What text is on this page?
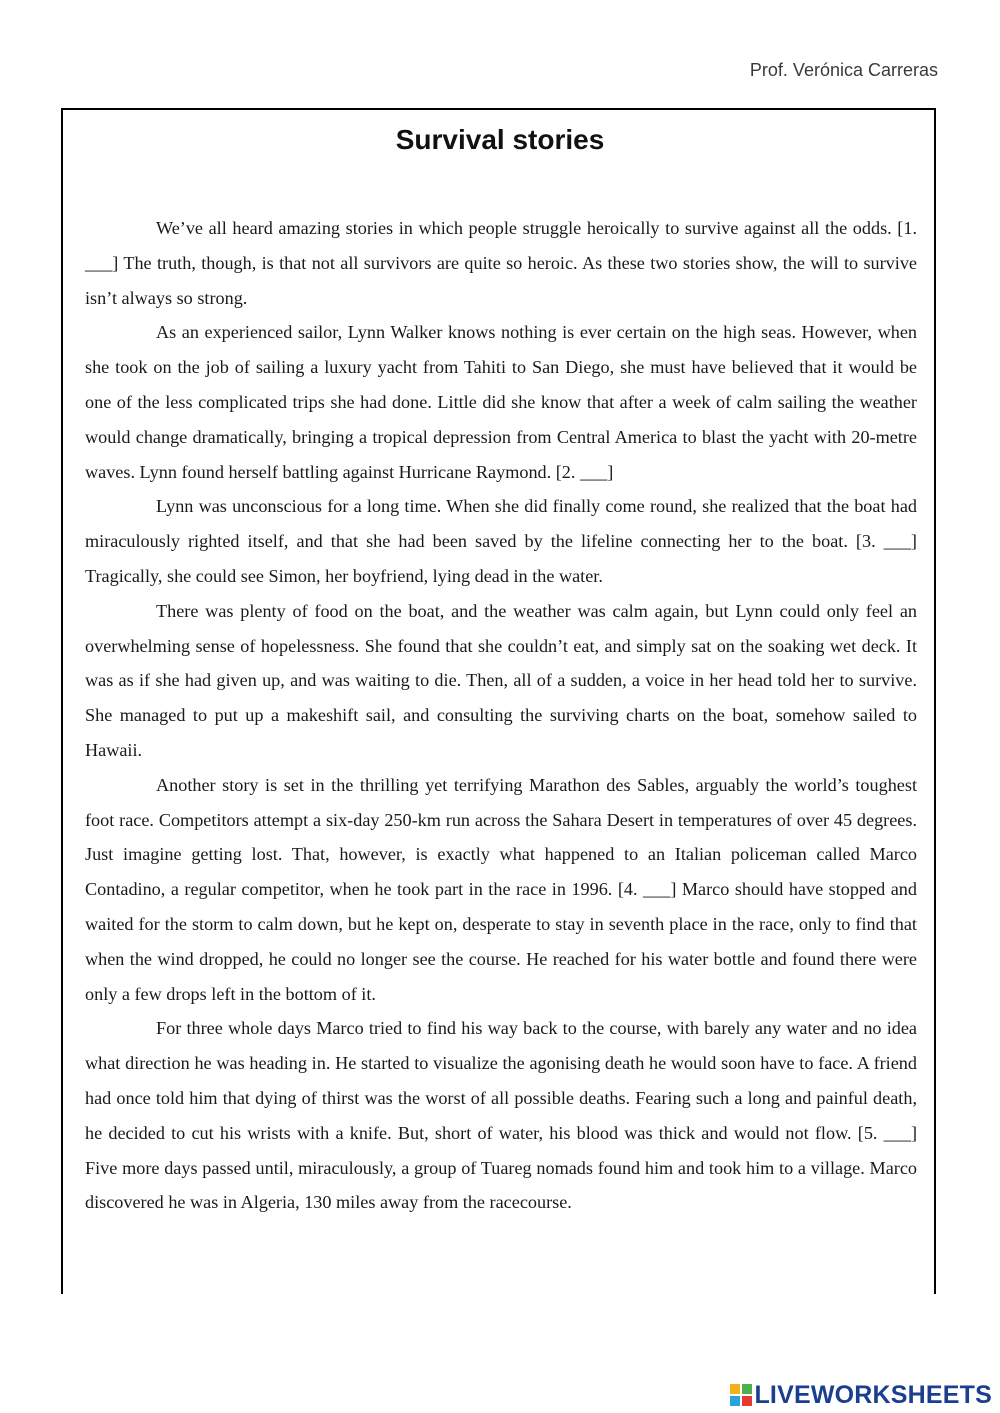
Prof. Verónica Carreras
Survival stories

We’ve all heard amazing stories in which people struggle heroically to survive against all the odds. [1. ___] The truth, though, is that not all survivors are quite so heroic. As these two stories show, the will to survive isn’t always so strong.

As an experienced sailor, Lynn Walker knows nothing is ever certain on the high seas. However, when she took on the job of sailing a luxury yacht from Tahiti to San Diego, she must have believed that it would be one of the less complicated trips she had done. Little did she know that after a week of calm sailing the weather would change dramatically, bringing a tropical depression from Central America to blast the yacht with 20-metre waves. Lynn found herself battling against Hurricane Raymond. [2. ___]

Lynn was unconscious for a long time. When she did finally come round, she realized that the boat had miraculously righted itself, and that she had been saved by the lifeline connecting her to the boat. [3. ___] Tragically, she could see Simon, her boyfriend, lying dead in the water.

There was plenty of food on the boat, and the weather was calm again, but Lynn could only feel an overwhelming sense of hopelessness. She found that she couldn’t eat, and simply sat on the soaking wet deck. It was as if she had given up, and was waiting to die. Then, all of a sudden, a voice in her head told her to survive. She managed to put up a makeshift sail, and consulting the surviving charts on the boat, somehow sailed to Hawaii.

Another story is set in the thrilling yet terrifying Marathon des Sables, arguably the world’s toughest foot race. Competitors attempt a six-day 250-km run across the Sahara Desert in temperatures of over 45 degrees. Just imagine getting lost. That, however, is exactly what happened to an Italian policeman called Marco Contadino, a regular competitor, when he took part in the race in 1996. [4. ___] Marco should have stopped and waited for the storm to calm down, but he kept on, desperate to stay in seventh place in the race, only to find that when the wind dropped, he could no longer see the course. He reached for his water bottle and found there were only a few drops left in the bottom of it.

For three whole days Marco tried to find his way back to the course, with barely any water and no idea what direction he was heading in. He started to visualize the agonising death he would soon have to face. A friend had once told him that dying of thirst was the worst of all possible deaths. Fearing such a long and painful death, he decided to cut his wrists with a knife. But, short of water, his blood was thick and would not flow. [5. ___] Five more days passed until, miraculously, a group of Tuareg nomads found him and took him to a village. Marco discovered he was in Algeria, 130 miles away from the racecourse.

LIVEWORKSHEETS
